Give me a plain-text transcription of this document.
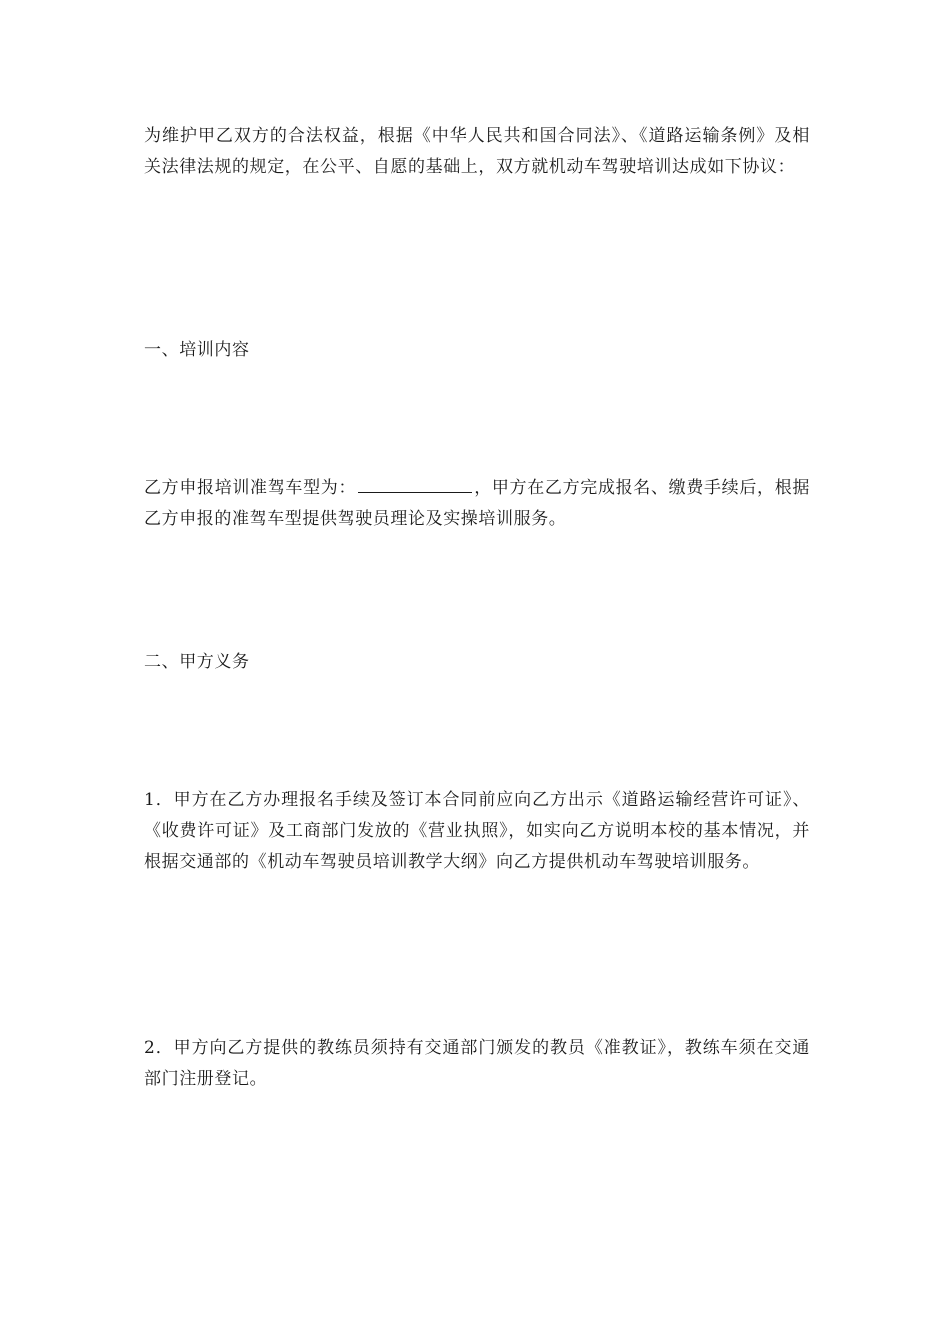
为维护甲乙双方的合法权益，根据《中华人民共和国合同法》、《道路运输条例》及相关法律法规的规定，在公平、自愿的基础上，双方就机动车驾驶培训达成如下协议：

一、培训内容

乙方申报培训准驾车型为：	，甲方在乙方完成报名、缴费手续后，根据乙方申报的准驾车型提供驾驶员理论及实操培训服务。

二、甲方义务

1．甲方在乙方办理报名手续及签订本合同前应向乙方出示《道路运输经营许可证》、《收费许可证》及工商部门发放的《营业执照》，如实向乙方说明本校的基本情况，并根据交通部的《机动车驾驶员培训教学大纲》向乙方提供机动车驾驶培训服务。

2．甲方向乙方提供的教练员须持有交通部门颁发的教员《准教证》，教练车须在交通部门注册登记。
